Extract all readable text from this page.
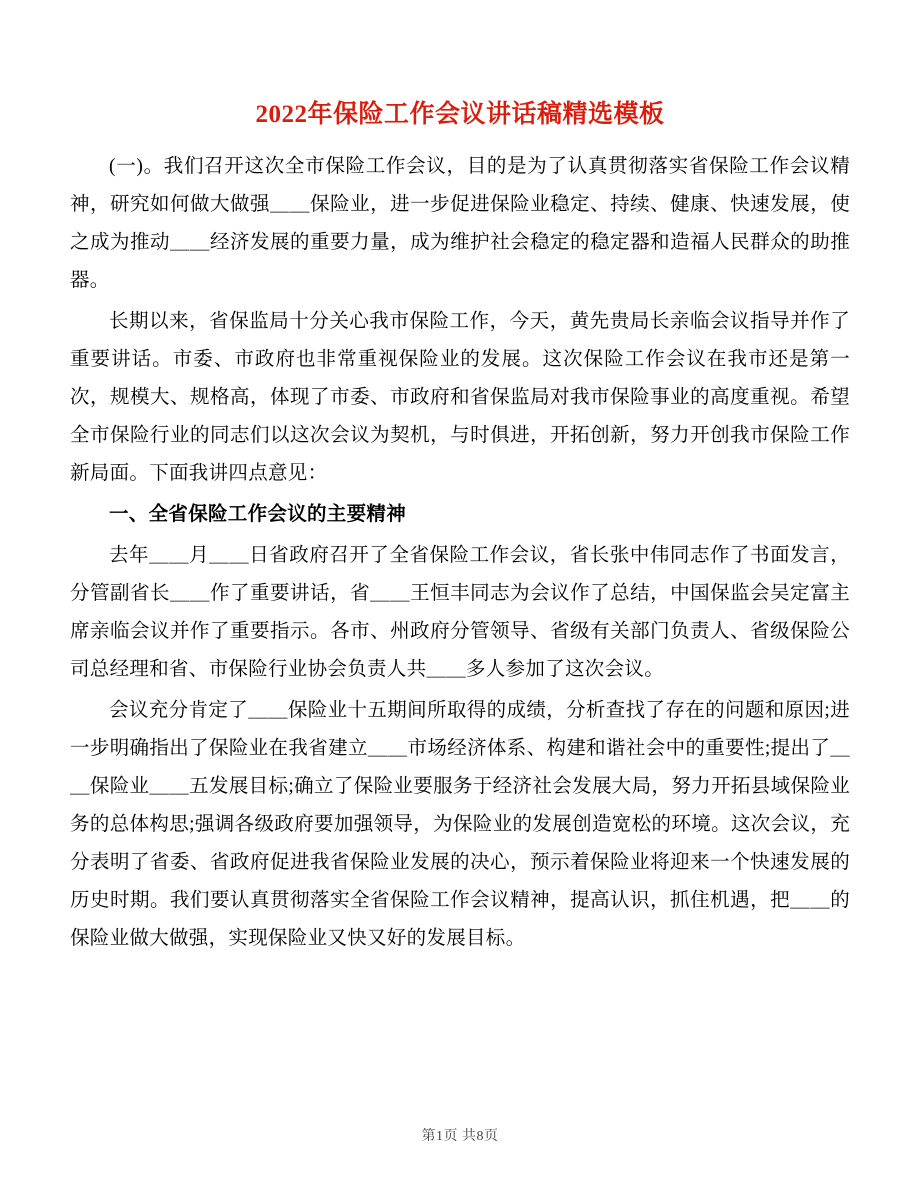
2022年保险工作会议讲话稿精选模板

(一)。我们召开这次全市保险工作会议，目的是为了认真贯彻落实省保险工作会议精神，研究如何做大做强＿＿保险业，进一步促进保险业稳定、持续、健康、快速发展，使之成为推动＿＿经济发展的重要力量，成为维护社会稳定的稳定器和造福人民群众的助推器。

长期以来，省保监局十分关心我市保险工作，今天，黄先贵局长亲临会议指导并作了重要讲话。市委、市政府也非常重视保险业的发展。这次保险工作会议在我市还是第一次，规模大、规格高，体现了市委、市政府和省保监局对我市保险事业的高度重视。希望全市保险行业的同志们以这次会议为契机，与时俱进，开拓创新，努力开创我市保险工作新局面。下面我讲四点意见：

一、全省保险工作会议的主要精神

去年＿＿月＿＿日省政府召开了全省保险工作会议，省长张中伟同志作了书面发言，分管副省长＿＿作了重要讲话，省＿＿王恒丰同志为会议作了总结，中国保监会吴定富主席亲临会议并作了重要指示。各市、州政府分管领导、省级有关部门负责人、省级保险公司总经理和省、市保险行业协会负责人共＿＿多人参加了这次会议。

会议充分肯定了＿＿保险业十五期间所取得的成绩，分析查找了存在的问题和原因;进一步明确指出了保险业在我省建立＿＿市场经济体系、构建和谐社会中的重要性;提出了＿＿保险业＿＿五发展目标;确立了保险业要服务于经济社会发展大局，努力开拓县域保险业务的总体构思;强调各级政府要加强领导，为保险业的发展创造宽松的环境。这次会议，充分表明了省委、省政府促进我省保险业发展的决心，预示着保险业将迎来一个快速发展的历史时期。我们要认真贯彻落实全省保险工作会议精神，提高认识，抓住机遇，把＿＿的保险业做大做强，实现保险业又快又好的发展目标。

第1页 共8页
